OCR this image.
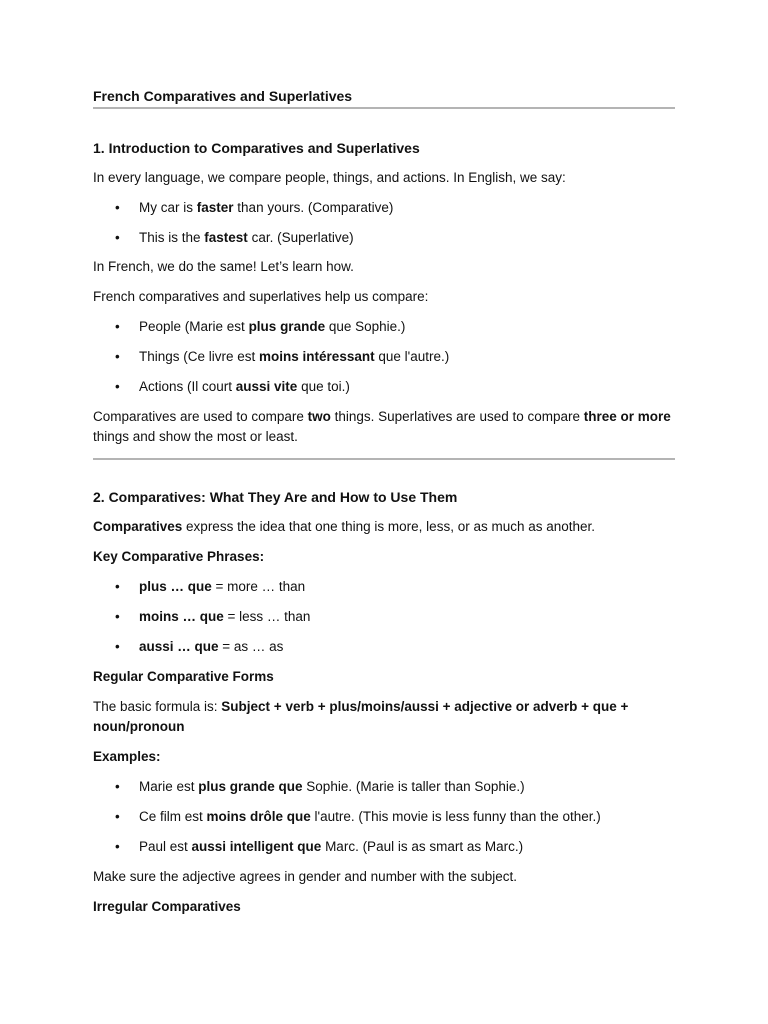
French Comparatives and Superlatives
1. Introduction to Comparatives and Superlatives

In every language, we compare people, things, and actions. In English, we say:

• My car is faster than yours. (Comparative)
• This is the fastest car. (Superlative)

In French, we do the same! Let’s learn how.

French comparatives and superlatives help us compare:

• People (Marie est plus grande que Sophie.)
• Things (Ce livre est moins intéressant que l'autre.)
• Actions (Il court aussi vite que toi.)

Comparatives are used to compare two things. Superlatives are used to compare three or more things and show the most or least.

2. Comparatives: What They Are and How to Use Them

Comparatives express the idea that one thing is more, less, or as much as another.

Key Comparative Phrases:

• plus … que = more … than
• moins … que = less … than
• aussi … que = as … as

Regular Comparative Forms

The basic formula is: Subject + verb + plus/moins/aussi + adjective or adverb + que + noun/pronoun

Examples:

• Marie est plus grande que Sophie. (Marie is taller than Sophie.)
• Ce film est moins drôle que l'autre. (This movie is less funny than the other.)
• Paul est aussi intelligent que Marc. (Paul is as smart as Marc.)

Make sure the adjective agrees in gender and number with the subject.

Irregular Comparatives
